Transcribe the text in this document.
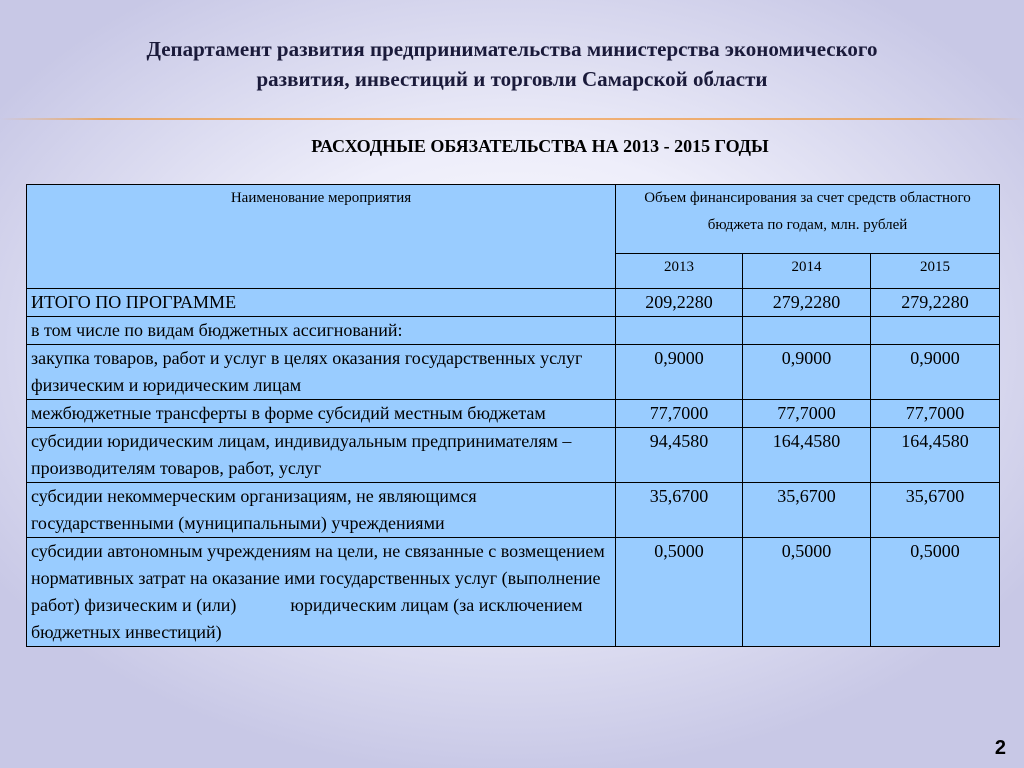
Департамент развития предпринимательства министерства экономического
развития, инвестиций и торговли Самарской области
РАСХОДНЫЕ ОБЯЗАТЕЛЬСТВА НА 2013 - 2015 ГОДЫ
Наименование мероприятия	Объем финансирования за счет средств областного бюджета по годам, млн. рублей		
	2013	2014	2015
ИТОГО ПО ПРОГРАММЕ	209,2280	279,2280	279,2280
в том числе по видам бюджетных ассигнований:			
закупка товаров, работ и услуг в целях оказания государственных услуг физическим и юридическим лицам	0,9000	0,9000	0,9000
межбюджетные трансферты в форме субсидий местным бюджетам	77,7000	77,7000	77,7000
субсидии юридическим лицам, индивидуальным предпринимателям – производителям товаров, работ, услуг	94,4580	164,4580	164,4580
субсидии некоммерческим организациям, не являющимся государственными (муниципальными) учреждениями	35,6700	35,6700	35,6700
субсидии автономным учреждениям на цели, не связанные с возмещением нормативных затрат на оказание ими государственных услуг (выполнение работ) физическим и (или)            юридическим лицам (за исключением бюджетных инвестиций)	0,5000	0,5000	0,5000
2
